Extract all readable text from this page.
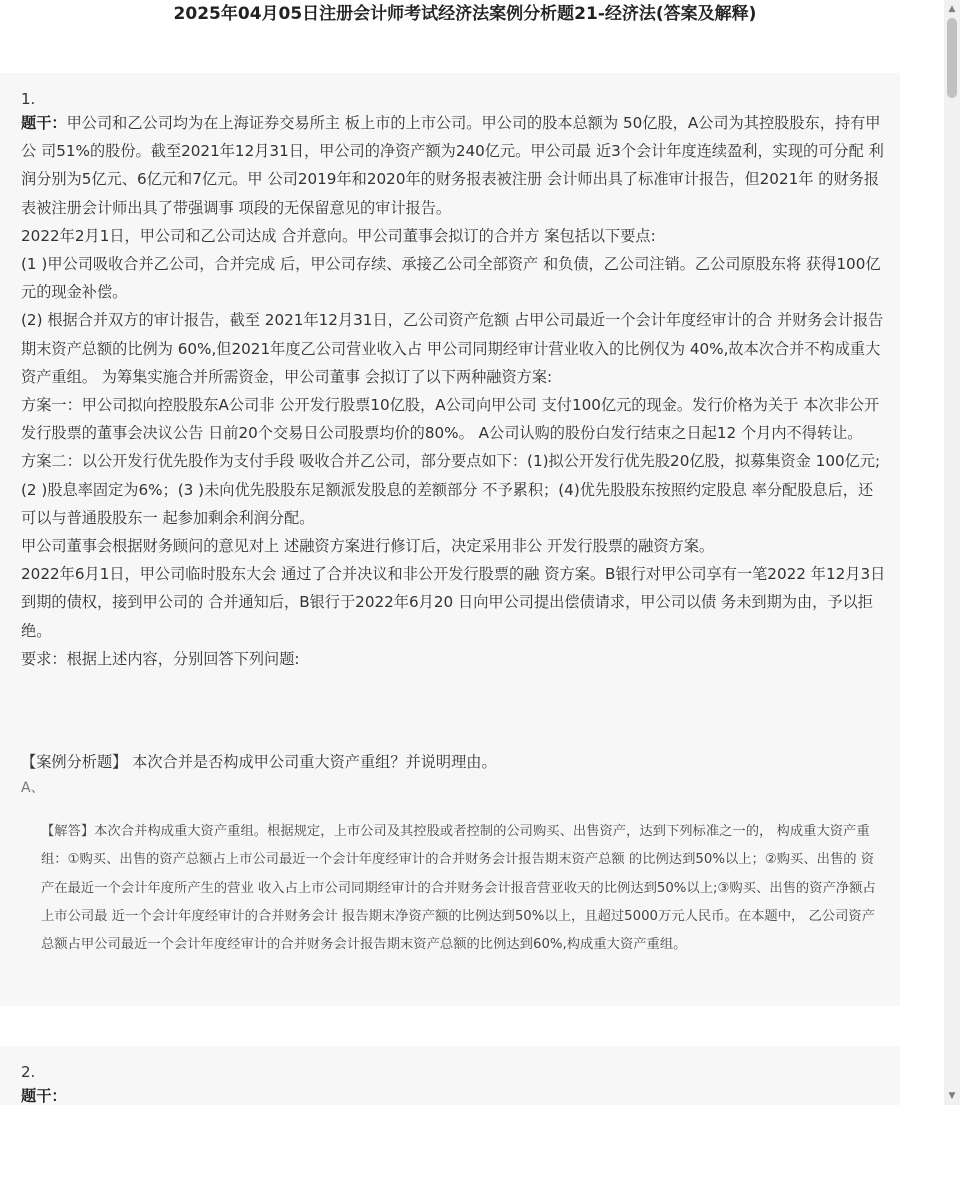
2025年04月05日注册会计师考试经济法案例分析题21-经济法(答案及解释)
1.

题干：甲公司和乙公司均为在上海证券交易所主 板上市的上市公司。甲公司的股本总额为 50亿股，A公司为其控股股东，持有甲公 司51%的股份。截至2021年12月31日，甲公司的净资产额为240亿元。甲公司最 近3个会计年度连续盈利，实现的可分配 利润分别为5亿元、6亿元和7亿元。甲 公司2019年和2020年的财务报表被注册 会计师出具了标准审计报告，但2021年 的财务报表被注册会计师出具了带强调事 项段的无保留意见的审计报告。

2022年2月1日，甲公司和乙公司达成 合并意向。甲公司董事会拟订的合并方 案包括以下要点:

(1 )甲公司吸收合并乙公司，合并完成 后，甲公司存续、承接乙公司全部资产 和负债，乙公司注销。乙公司原股东将 获得100亿元的现金补偿。

(2) 根据合并双方的审计报告，截至 2021年12月31日，乙公司资产危额 占甲公司最近一个会计年度经审计的合 并财务会计报告期末资产总额的比例为 60%,但2021年度乙公司营业收入占 甲公司同期经审计营业收入的比例仅为 40%,故本次合并不构成重大资产重组。 为筹集实施合并所需资金，甲公司董事 会拟订了以下两种融资方案:

方案一：甲公司拟向控股股东A公司非 公开发行股票10亿股，A公司向甲公司 支付100亿元的现金。发行价格为关于 本次非公开发行股票的董事会决议公告 日前20个交易日公司股票均价的80%。 A公司认购的股份白发行结束之日起12 个月内不得转让。

方案二：以公开发行优先股作为支付手段 吸收合并乙公司，部分要点如下：(1)拟公开发行优先股20亿股，拟募集资金 100亿元;(2 )股息率固定为6%；(3 )未向优先股股东足额派发股息的差额部分 不予累积；(4)优先股股东按照约定股息 率分配股息后，还可以与普通股股东一 起参加剩余利润分配。

甲公司董事会根据财务顾问的意见对上 述融资方案进行修订后，决定采用非公 开发行股票的融资方案。

2022年6月1日，甲公司临时股东大会 通过了合并决议和非公开发行股票的融 资方案。B银行对甲公司享有一笔2022 年12月3日到期的债权，接到甲公司的 合并通知后，B银行于2022年6月20 日向甲公司提出偿债请求，甲公司以债 务未到期为由，予以拒绝。

要求：根据上述内容，分别回答下列问题:

【案例分析题】 本次合并是否构成甲公司重大资产重组？并说明理由。
A、
【解答】本次合并构成重大资产重组。根据规定，上市公司及其控股或者控制的公司购买、出售资产，达到下列标准之一的， 构成重大资产重组：①购买、出售的资产总额占上市公司最近一个会计年度经审计的合并财务会计报告期末资产总额 的比例达到50%以上；②购买、出售的 资产在最近一个会计年度所产生的营业 收入占上市公司同期经审计的合并财务会计报音营亚收天的比例达到50%以上;③购买、出售的资产净额占上市公司最 近一个会计年度经审计的合并财务会计 报告期末净资产额的比例达到50%以上，且超过5000万元人民币。在本题中， 乙公司资产总额占甲公司最近一个会计年度经审计的合并财务会计报告期末资产总额的比例达到60%,构成重大资产重组。
2.

题干：

▲
▼
